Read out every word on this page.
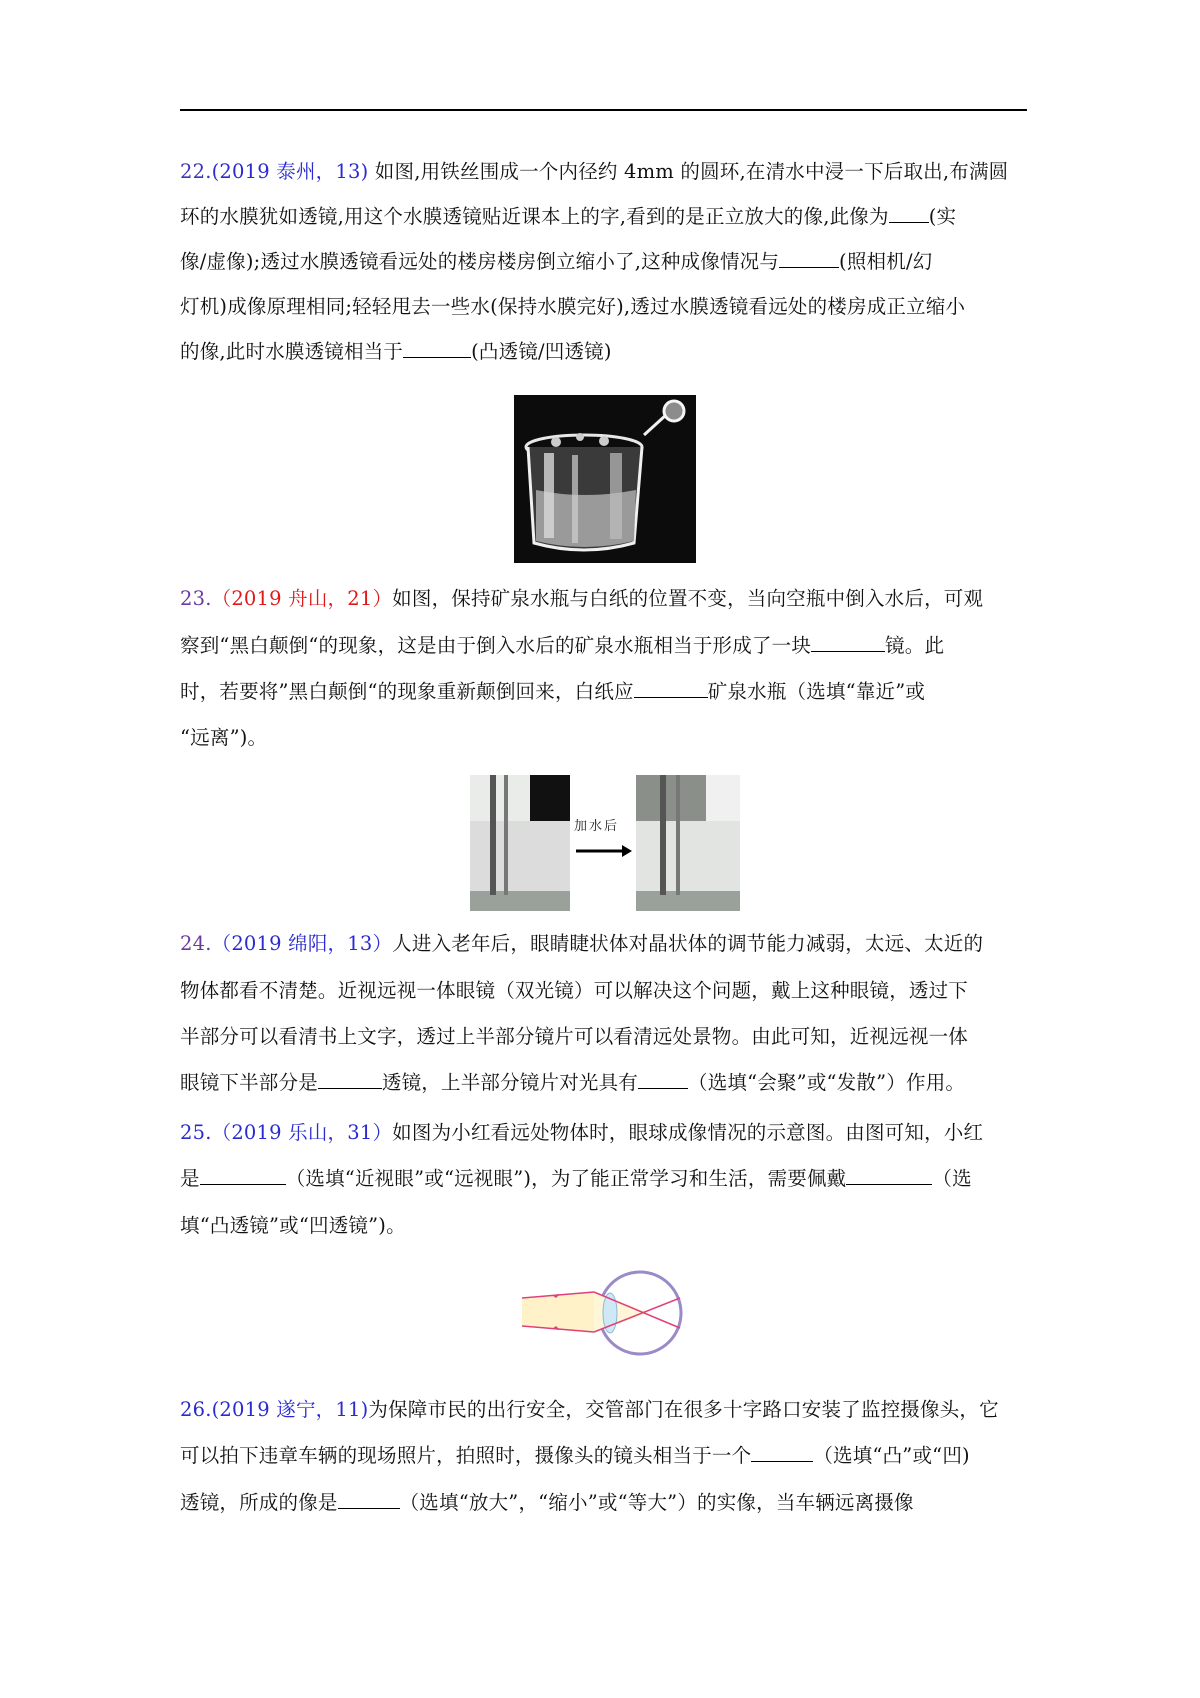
22.(2019 泰州，13) 如图,用铁丝围成一个内径约 4mm 的圆环,在清水中浸一下后取出,布满圆
环的水膜犹如透镜,用这个水膜透镜贴近课本上的字,看到的是正立放大的像,此像为 (实
像/虚像);透过水膜透镜看远处的楼房楼房倒立缩小了,这种成像情况与	(照相机/幻
灯机)成像原理相同;轻轻甩去一些水(保持水膜完好),透过水膜透镜看远处的楼房成正立缩小
的像,此时水膜透镜相当于	(凸透镜/凹透镜)
23.（2019 舟山，21）如图，保持矿泉水瓶与白纸的位置不变，当向空瓶中倒入水后，可观
察到“黑白颠倒“的现象，这是由于倒入水后的矿泉水瓶相当于形成了一块	镜。此
时，若要将”黑白颠倒“的现象重新颠倒回来，白纸应	矿泉水瓶（选填“靠近”或
“远离”)。
加水后
24.（2019 绵阳，13）人进入老年后，眼睛睫状体对晶状体的调节能力减弱，太远、太近的
物体都看不清楚。近视远视一体眼镜（双光镜）可以解决这个问题，戴上这种眼镜，透过下
半部分可以看清书上文字，透过上半部分镜片可以看清远处景物。由此可知，近视远视一体
眼镜下半部分是	透镜，上半部分镜片对光具有	（选填“会聚”或“发散”）作用。
25.（2019 乐山，31）如图为小红看远处物体时，眼球成像情况的示意图。由图可知，小红
是	（选填“近视眼”或“远视眼”)，为了能正常学习和生活，需要佩戴	（选
填“凸透镜”或“凹透镜”)。
26.(2019 遂宁，11)为保障市民的出行安全，交管部门在很多十字路口安装了监控摄像头，它
可以拍下违章车辆的现场照片，拍照时，摄像头的镜头相当于一个	（选填“凸”或“凹)
透镜，所成的像是	（选填“放大”，“缩小”或“等大”）的实像，当车辆远离摄像
